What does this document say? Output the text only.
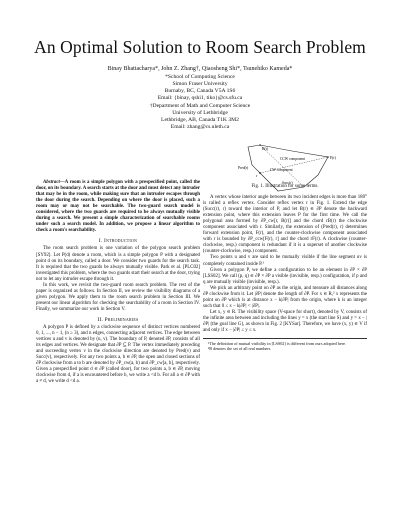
An Optimal Solution to Room Search Problem
Binay Bhattacharya*, John Z. Zhang†, Qiaosheng Shi*, Tsunehiko Kameda*
*School of Computing Science
Simon Fraser University
Burnaby, BC, Canada V5A 1S6
Email: {binay, qshi1, tiko}@cs.sfu.ca
†Department of Math and Computer Science
University of Lethbridge
Lethbridge, AB, Canada T1K 3M2
Email: zhang@cs.uleth.ca

Abstract—A room is a simple polygon with a prespecified point, called the door, on its boundary. A search starts at the door and must detect any intruder that may be in the room, while making sure that an intruder escapes through the door during the search. Depending on where the door is placed, such a room may or may not be searchable. The two-guard search model is considered, where the two guards are required to be always mutually visible during a search. We present a simple characterization of searchable rooms under such a search model. In addition, we propose a linear algorithm to check a room's searchability.

I. Introduction

The room search problem is one variation of the polygon search problem [SY92]. Let P(d) denote a room, which is a simple polygon P with a designated point d on its boundary, called a door. We consider two guards for the search task. It is required that the two guards be always mutually visible. Park et al. [PLC02] investigated this problem, where the two guards start their search at the door, trying not to let any intruder escape through it.

In this work, we revisit the two-guard room search problem. The rest of the paper is organized as follows. In Section II, we review the visibility diagrams of a given polygon. We apply them to the room search problem in Section III. We present our linear algorithm for checking the searchability of a room in Section IV. Finally, we summarize our work in Section V.

II. Preliminaries

A polygon P is defined by a clockwise sequence of distinct vertices numbered 0, 1, ..., n − 1, (n ≥ 3), and n edges, connecting adjacent vertices. The edge between vertices u and v is denoted by (u, v). The boundary of P, denoted ∂P, consists of all its edges and vertices. We designate that ∂P ⊆ P. The vertex immediately preceding and succeeding vertex v in the clockwise direction are denoted by Pred(v) and Succ(v), respectively. For any two points a, b ∈ ∂P, the open and closed sections of ∂P clockwise from a to b are denoted by ∂P_cw(a, b) and ∂P_cw[a, b], respectively. Given a prespecified point d ∈ ∂P (called door), for two points a, b ∈ ∂P, moving clockwise from d, if a is encountered before b, we write a <d b. For all a ∈ ∂P with a ≠ d, we write d <d a.

B(r)
CCW component
r
F(r)
CW component
Succ(r)
Pred(r)
Fig. 1. Illustration for some terms.

A vertex whose interior angle between its two incident edges is more than 180° is called a reflex vertex. Consider reflex vertex r in Fig. 1. Extend the edge (Succ(r), r) toward the interior of P, and let B(r) ∈ ∂P denote the backward extension point, where this extension leaves P for the first time. We call the polygonal area formed by ∂P_cw[r, B(r)] and the chord rB(r) the clockwise component associated with r. Similarly, the extension of (Pred(r), r) determines forward extension point, F(r), and the counter-clockwise component associated with r is bounded by ∂P_ccw[F(r), r] and the chord rF(r). A clockwise (counter-clockwise, resp.) component is redundant if it is a superset of another clockwise (counter-clockwise, resp.) component.

Two points u and v are said to be mutually visible if the line segment uv is completely contained inside P.¹

Given a polygon P, we define a configuration to be an element in ∂P × ∂P [LSS02]. We call (p, q) ∈ ∂P × ∂P a visible (invisible, resp.) configuration, if p and q are mutually visible (invisible, resp.).

We pick an arbitrary point on ∂P as the origin, and measure all distances along ∂P clockwise from it. Let |∂P| denote the length of ∂P. For x ∈ R,² x represents the point on ∂P which is at distance x − k|∂P| from the origin, where k is an integer such that 0 ≤ x − k|∂P| < |∂P|.

Let x, y ∈ R. The visibility space (V-space for short), denoted by V, consists of the infinite area between and including the lines y = x (the start line S) and y = x − |∂P| (the goal line G), as shown in Fig. 2 [KYSar]. Therefore, we have (x, y) ∈ V if and only if x − |∂P| ≤ y ≤ x.

¹The definition of mutual visibility in [LSS02] is different from ours adopted here.
²R denotes the set of all real numbers.
